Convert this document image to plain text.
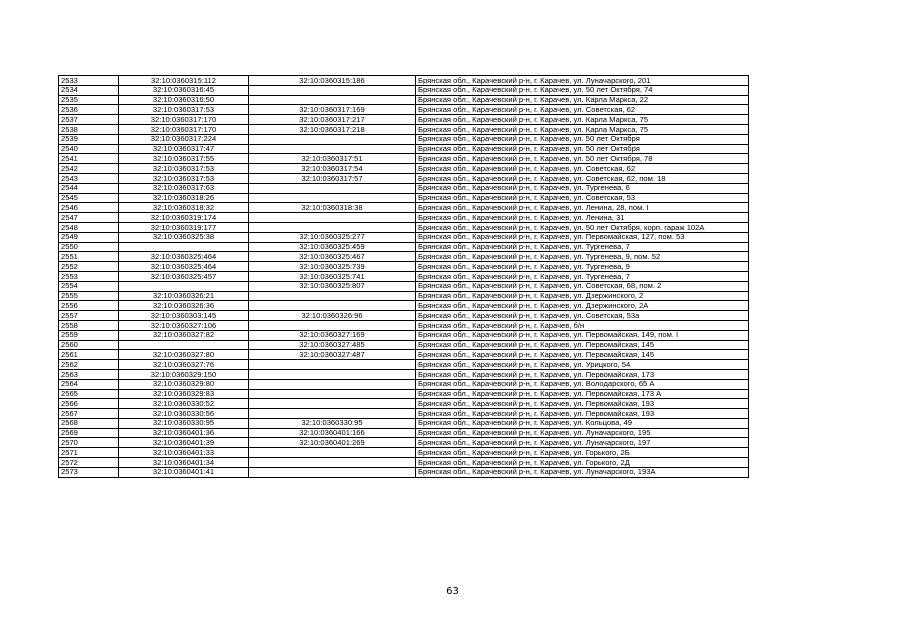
2533	32:10:0360315:112	32:10:0360315:186	Брянская обл., Карачевский р-н, г. Карачев, ул. Луначарского, 201
2534	32:10:0360316:45		Брянская обл., Карачевский р-н, г. Карачев, ул. 50 лет Октября, 74
2535	32:10:0360316:50		Брянская обл., Карачевский р-н, г. Карачев, ул. Карла Маркса, 22
2536	32:10:0360317:53	32:10:0360317:169	Брянская обл., Карачевский р-н, г. Карачев, ул. Советская, 62
2537	32:10:0360317:170	32:10:0360317:217	Брянская обл., Карачевский р-н, г. Карачев, ул. Карла Маркса, 75
2538	32:10:0360317:170	32:10:0360317:218	Брянская обл., Карачевский р-н, г. Карачев, ул. Карла Маркса, 75
2539	32:10:0360317:224		Брянская обл., Карачевский р-н, г. Карачев, ул. 50 лет Октября
2540	32:10:0360317:47		Брянская обл., Карачевский р-н, г. Карачев, ул. 50 лет Октября
2541	32:10:0360317:55	32:10:0360317:51	Брянская обл., Карачевский р-н, г. Карачев, ул. 50 лет Октября, 78
2542	32:10:0360317:53	32:10:0360317:54	Брянская обл., Карачевский р-н, г. Карачев, ул. Советская, 62
2543	32:10:0360317:53	32:10:0360317:57	Брянская обл., Карачевский р-н, г. Карачев, ул. Советская, 62, пом. 18
2544	32:10:0360317:63		Брянская обл., Карачевский р-н, г. Карачев, ул. Тургенева, 6
2545	32:10:0360318:26		Брянская обл., Карачевский р-н, г. Карачев, ул. Советская, 53
2546	32:10:0360318:32	32:10:0360318:38	Брянская обл., Карачевский р-н, г. Карачев, ул. Ленина, 28, пом. I
2547	32:10:0360319:174		Брянская обл., Карачевский р-н, г. Карачев, ул. Ленина, 31
2548	32:10:0360319:177		Брянская обл., Карачевский р-н, г. Карачев, ул. 50 лет Октября, корп. гараж 102А
2549	32:10:0360325:38	32:10:0360325:277	Брянская обл., Карачевский р-н, г. Карачев, ул. Первомайская, 127, пом. 53
2550		32:10:0360325:459	Брянская обл., Карачевский р-н, г. Карачев, ул. Тургенева, 7
2551	32:10:0360325:464	32:10:0360325:467	Брянская обл., Карачевский р-н, г. Карачев, ул. Тургенева, 9, пом. 52
2552	32:10:0360325:464	32:10:0360325:739	Брянская обл., Карачевский р-н, г. Карачев, ул. Тургенева, 9
2553	32:10:0360325:457	32:10:0360325:741	Брянская обл., Карачевский р-н, г. Карачев, ул. Тургенева, 7
2554		32:10:0360325:807	Брянская обл., Карачевский р-н, г. Карачев, ул. Советская, 68, пом. 2
2555	32:10:0360326:21		Брянская обл., Карачевский р-н, г. Карачев, ул. Дзержинского, 2
2556	32:10:0360326:36		Брянская обл., Карачевский р-н, г. Карачев, ул. Дзержинского, 2А
2557	32:10:0360303:145	32:10:0360326:96	Брянская обл., Карачевский р-н, г. Карачев, ул. Советская, 53а
2558	32:10:0360327:106		Брянская обл., Карачевский р-н, г. Карачев, б/н
2559	32:10:0360327:82	32:10:0360327:169	Брянская обл., Карачевский р-н, г. Карачев, ул. Первомайская, 149, пом. I
2560		32:10:0360327:485	Брянская обл., Карачевский р-н, г. Карачев, ул. Первомайская, 145
2561	32:10:0360327:80	32:10:0360327:487	Брянская обл., Карачевский р-н, г. Карачев, ул. Первомайская, 145
2562	32:10:0360327:76		Брянская обл., Карачевский р-н, г. Карачев, ул. Урицкого, 54
2563	32:10:0360329:150		Брянская обл., Карачевский р-н, г. Карачев, ул. Первомайская, 173
2564	32:10:0360329:80		Брянская обл., Карачевский р-н, г. Карачев, ул. Володарского, 65 А
2565	32:10:0360329:83		Брянская обл., Карачевский р-н, г. Карачев, ул. Первомайская, 173 А
2566	32:10:0360330:52		Брянская обл., Карачевский р-н, г. Карачев, ул. Первомайская, 193
2567	32:10:0360330:56		Брянская обл., Карачевский р-н, г. Карачев, ул. Первомайская, 193
2568	32:10:0360330:95	32:10:0360330:95	Брянская обл., Карачевский р-н, г. Карачев, ул. Кольцова, 49
2569	32:10:0360401:36	32:10:0360401:166	Брянская обл., Карачевский р-н, г. Карачев, ул. Луначарского, 195
2570	32:10:0360401:39	32:10:0360401:269	Брянская обл., Карачевский р-н, г. Карачев, ул. Луначарского, 197
2571	32:10:0360401:33		Брянская обл., Карачевский р-н, г. Карачев, ул. Горького, 2Б
2572	32:10:0360401:34		Брянская обл., Карачевский р-н, г. Карачев, ул. Горького, 2Д
2573	32:10:0360401:41		Брянская обл., Карачевский р-н, г. Карачев, ул. Луначарского, 193А
63
